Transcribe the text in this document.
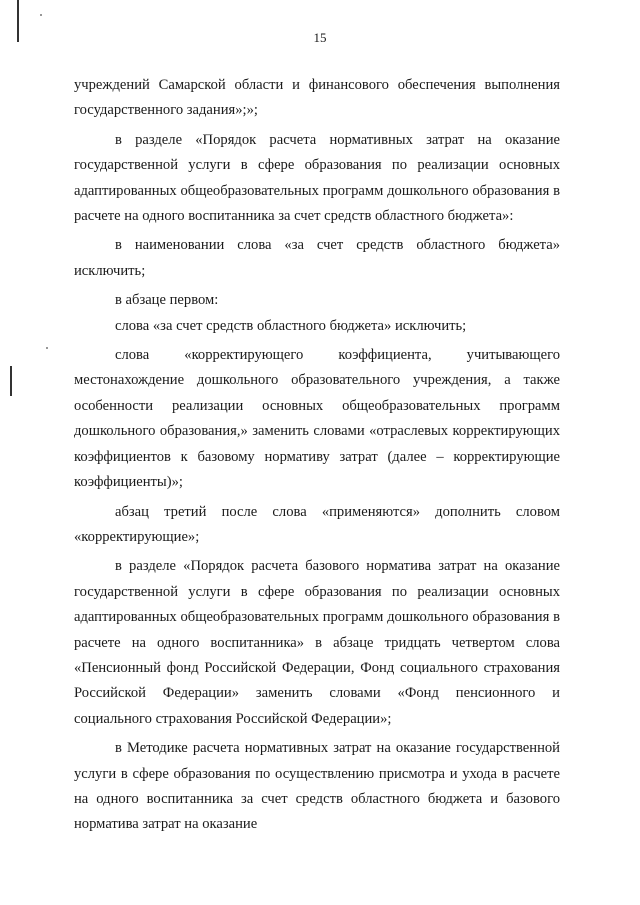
15

учреждений Самарской области и финансового обеспечения выполнения государственного задания»;»;

в разделе «Порядок расчета нормативных затрат на оказание государственной услуги в сфере образования по реализации основных адаптированных общеобразовательных программ дошкольного образования в расчете на одного воспитанника за счет средств областного бюджета»:

в наименовании слова «за счет средств областного бюджета» исключить;

в абзаце первом:

слова «за счет средств областного бюджета» исключить;

слова «корректирующего коэффициента, учитывающего местонахождение дошкольного образовательного учреждения, а также особенности реализации основных общеобразовательных программ дошкольного образования,» заменить словами «отраслевых корректирующих коэффициентов к базовому нормативу затрат (далее – корректирующие коэффициенты)»;

абзац третий после слова «применяются» дополнить словом «корректирующие»;

в разделе «Порядок расчета базового норматива затрат на оказание государственной услуги в сфере образования по реализации основных адаптированных общеобразовательных программ дошкольного образования в расчете на одного воспитанника» в абзаце тридцать четвертом слова «Пенсионный фонд Российской Федерации, Фонд социального страхования Российской Федерации» заменить словами «Фонд пенсионного и социального страхования Российской Федерации»;

в Методике расчета нормативных затрат на оказание государственной услуги в сфере образования по осуществлению присмотра и ухода в расчете на одного воспитанника за счет средств областного бюджета и базового норматива затрат на оказание
